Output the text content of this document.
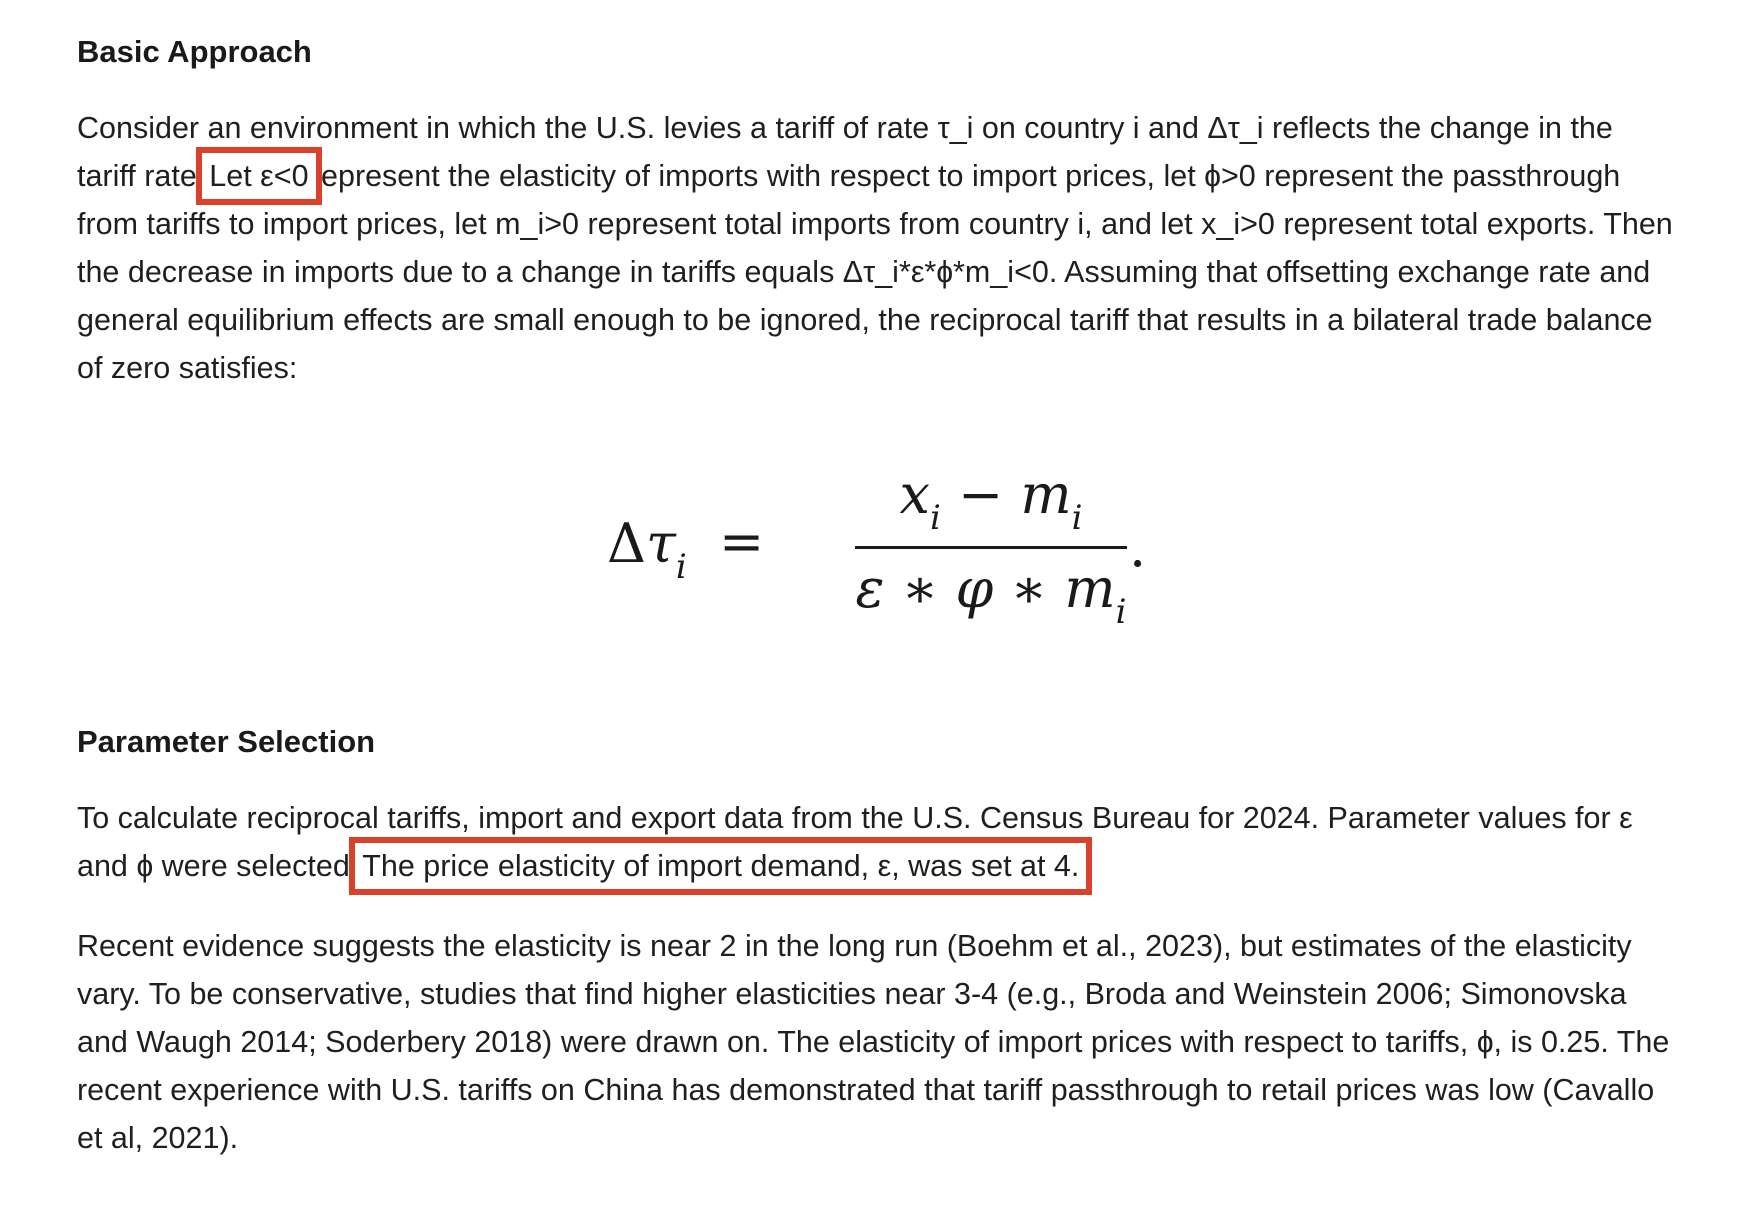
Basic Approach

Consider an environment in which the U.S. levies a tariff of rate τ_i on country i and Δτ_i reflects the change in the tariff rate Let ε<0 epresent the elasticity of imports with respect to import prices, let ɸ>0 represent the passthrough from tariffs to import prices, let m_i>0 represent total imports from country i, and let x_i>0 represent total exports. Then the decrease in imports due to a change in tariffs equals Δτ_i*ε*ɸ*m_i<0. Assuming that offsetting exchange rate and general equilibrium effects are small enough to be ignored, the reciprocal tariff that results in a bilateral trade balance of zero satisfies:

$\Delta\tau_i$ =
$x_i - m_i$
ε ∗ φ ∗ $m_i$
.
Parameter Selection

To calculate reciprocal tariffs, import and export data from the U.S. Census Bureau for 2024. Parameter values for ε and ɸ were selected The price elasticity of import demand, ε, was set at 4.

Recent evidence suggests the elasticity is near 2 in the long run (Boehm et al., 2023), but estimates of the elasticity vary. To be conservative, studies that find higher elasticities near 3-4 (e.g., Broda and Weinstein 2006; Simonovska and Waugh 2014; Soderbery 2018) were drawn on. The elasticity of import prices with respect to tariffs, ɸ, is 0.25. The recent experience with U.S. tariffs on China has demonstrated that tariff passthrough to retail prices was low (Cavallo et al, 2021).
